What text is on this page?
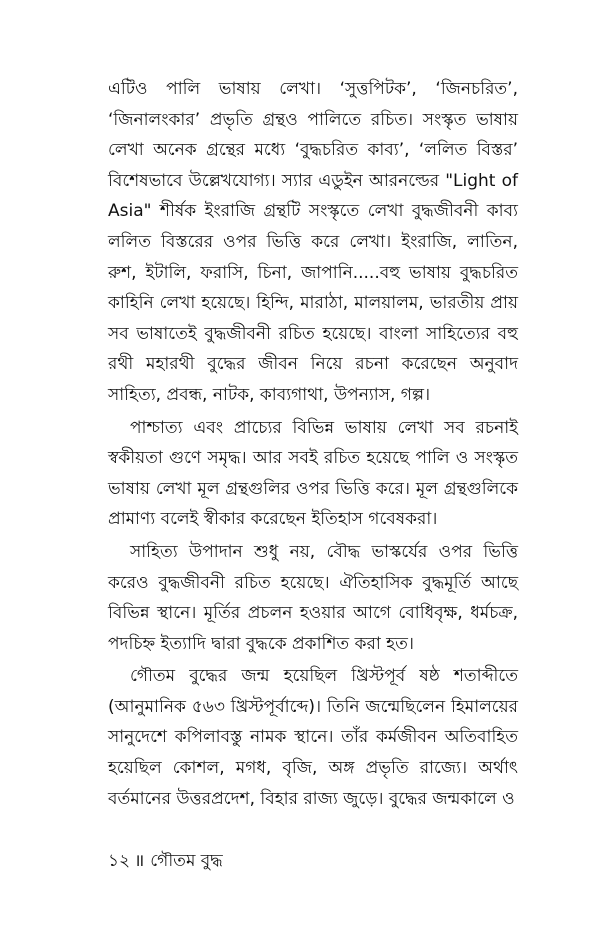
এটিও পালি ভাষায় লেখা। ‘সুত্তপিটক’, ‘জিনচরিত’, ‘জিনালংকার’ প্রভৃতি গ্রন্থও পালিতে রচিত। সংস্কৃত ভাষায় লেখা অনেক গ্রন্থের মধ্যে ‘বুদ্ধচরিত কাব্য’, ‘ললিত বিস্তর’ বিশেষভাবে উল্লেখযোগ্য। স্যার এডুইন আরনল্ডের "Light of Asia" শীর্ষক ইংরাজি গ্রন্থটি সংস্কৃতে লেখা বুদ্ধজীবনী কাব্য ললিত বিস্তরের ওপর ভিত্তি করে লেখা। ইংরাজি, লাতিন, রুশ, ইটালি, ফরাসি, চিনা, জাপানি.....বহু ভাষায় বুদ্ধচরিত কাহিনি লেখা হয়েছে। হিন্দি, মারাঠা, মালয়ালম, ভারতীয় প্রায় সব ভাষাতেই বুদ্ধজীবনী রচিত হয়েছে। বাংলা সাহিত্যের বহু রথী মহারথী বুদ্ধের জীবন নিয়ে রচনা করেছেন অনুবাদ সাহিত্য, প্রবন্ধ, নাটক, কাব্যগাথা, উপন্যাস, গল্প।

পাশ্চাত্য এবং প্রাচ্যের বিভিন্ন ভাষায় লেখা সব রচনাই স্বকীয়তা গুণে সমৃদ্ধ। আর সবই রচিত হয়েছে পালি ও সংস্কৃত ভাষায় লেখা মূল গ্রন্থগুলির ওপর ভিত্তি করে। মূল গ্রন্থগুলিকে প্রামাণ্য বলেই স্বীকার করেছেন ইতিহাস গবেষকরা।

সাহিত্য উপাদান শুধু নয়, বৌদ্ধ ভাস্কর্যের ওপর ভিত্তি করেও বুদ্ধজীবনী রচিত হয়েছে। ঐতিহাসিক বুদ্ধমূর্তি আছে বিভিন্ন স্থানে। মূর্তির প্রচলন হওয়ার আগে বোধিবৃক্ষ, ধর্মচক্র, পদচিহ্ন ইত্যাদি দ্বারা বুদ্ধকে প্রকাশিত করা হত।

গৌতম বুদ্ধের জন্ম হয়েছিল খ্রিস্টপূর্ব ষষ্ঠ শতাব্দীতে (আনুমানিক ৫৬৩ খ্রিস্টপূর্বাব্দে)। তিনি জন্মেছিলেন হিমালয়ের সানুদেশে কপিলাবস্তু নামক স্থানে। তাঁর কর্মজীবন অতিবাহিত হয়েছিল কোশল, মগধ, বৃজি, অঙ্গ প্রভৃতি রাজ্যে। অর্থাৎ বর্তমানের উত্তরপ্রদেশ, বিহার রাজ্য জুড়ে। বুদ্ধের জন্মকালে ও

১২ ॥ গৌতম বুদ্ধ
